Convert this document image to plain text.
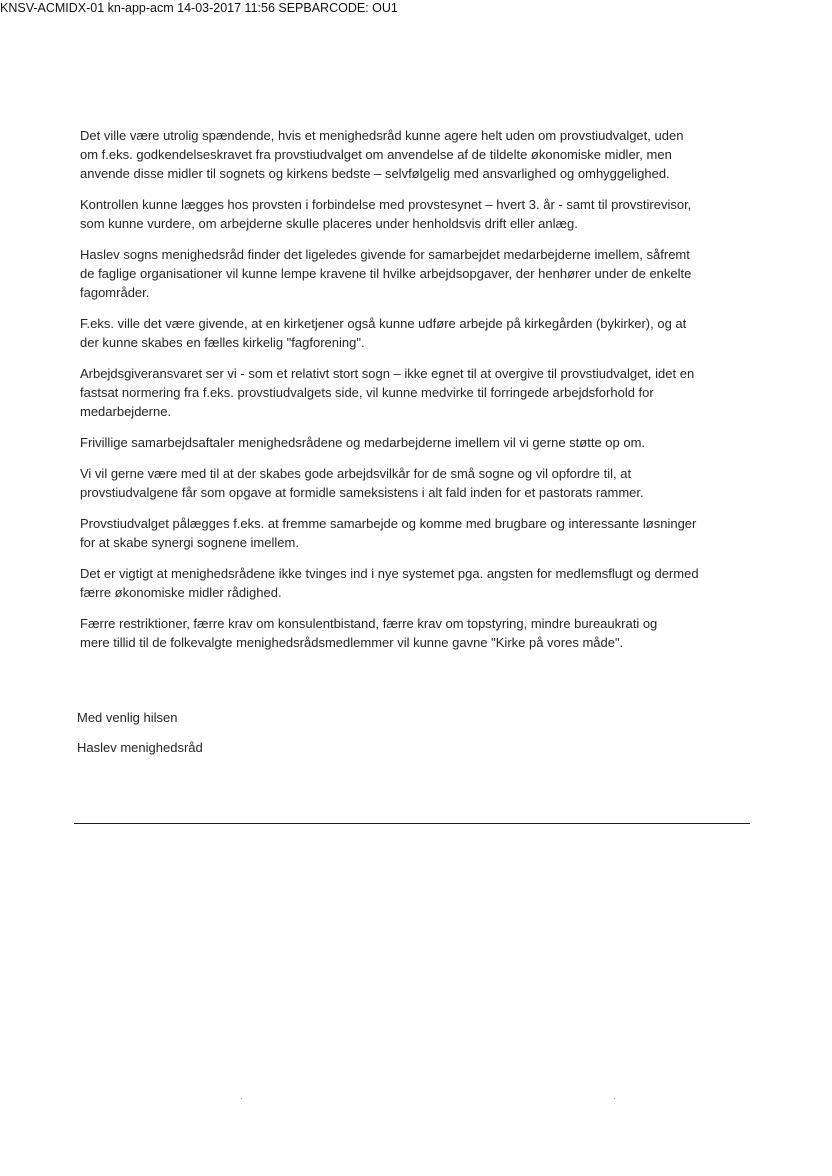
KNSV-ACMIDX-01 kn-app-acm 14-03-2017 11:56 SEPBARCODE: OU1

Det ville være utrolig spændende, hvis et menighedsråd kunne agere helt uden om provstiudvalget, uden
om f.eks. godkendelseskravet fra provstiudvalget om anvendelse af de tildelte økonomiske midler, men
anvende disse midler til sognets og kirkens bedste – selvfølgelig med ansvarlighed og omhyggelighed.

Kontrollen kunne lægges hos provsten i forbindelse med provstesynet – hvert 3. år - samt til provstirevisor,
som kunne vurdere, om arbejderne skulle placeres under henholdsvis drift eller anlæg.

Haslev sogns menighedsråd finder det ligeledes givende for samarbejdet medarbejderne imellem, såfremt
de faglige organisationer vil kunne lempe kravene til hvilke arbejdsopgaver, der henhører under de enkelte
fagområder.

F.eks. ville det være givende, at en kirketjener også kunne udføre arbejde på kirkegården (bykirker), og at
der kunne skabes en fælles kirkelig "fagforening".

Arbejdsgiveransvaret ser vi - som et relativt stort sogn – ikke egnet til at overgive til provstiudvalget, idet en
fastsat normering fra f.eks. provstiudvalgets side, vil kunne medvirke til forringede arbejdsforhold for
medarbejderne.

Frivillige samarbejdsaftaler menighedsrådene og medarbejderne imellem vil vi gerne støtte op om.

Vi vil gerne være med til at der skabes gode arbejdsvilkår for de små sogne og vil opfordre til, at
provstiudvalgene får som opgave at formidle sameksistens i alt fald inden for et pastorats rammer.

Provstiudvalget pålægges f.eks. at fremme samarbejde og komme med brugbare og interessante løsninger
for at skabe synergi sognene imellem.

Det er vigtigt at menighedsrådene ikke tvinges ind i nye systemet pga. angsten for medlemsflugt og dermed
færre økonomiske midler rådighed.

Færre restriktioner, færre krav om konsulentbistand, færre krav om topstyring, mindre bureaukrati og
mere tillid til de folkevalgte menighedsrådsmedlemmer vil kunne gavne "Kirke på vores måde".

Med venlig hilsen
Haslev menighedsråd
